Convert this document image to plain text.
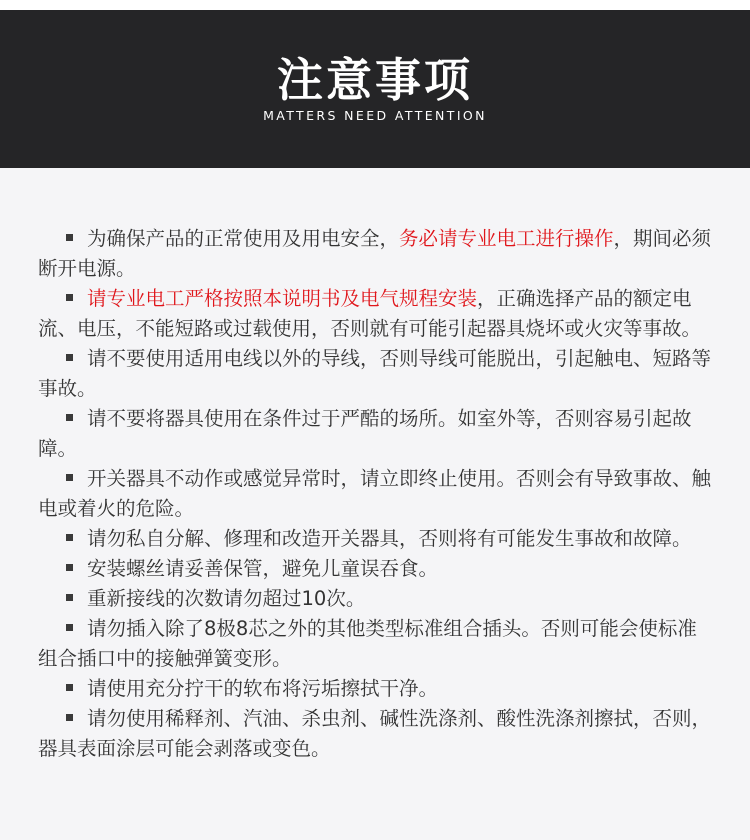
注意事项
MATTERS NEED ATTENTION
为确保产品的正常使用及用电安全，务必请专业电工进行操作，期间必须断开电源。
请专业电工严格按照本说明书及电气规程安装，正确选择产品的额定电流、电压，不能短路或过载使用，否则就有可能引起器具烧坏或火灾等事故。
请不要使用适用电线以外的导线，否则导线可能脱出，引起触电、短路等事故。
请不要将器具使用在条件过于严酷的场所。如室外等，否则容易引起故障。
开关器具不动作或感觉异常时，请立即终止使用。否则会有导致事故、触电或着火的危险。
请勿私自分解、修理和改造开关器具，否则将有可能发生事故和故障。
安装螺丝请妥善保管，避免儿童误吞食。
重新接线的次数请勿超过10次。
请勿插入除了8极8芯之外的其他类型标准组合插头。否则可能会使标准组合插口中的接触弹簧变形。
请使用充分拧干的软布将污垢擦拭干净。
请勿使用稀释剂、汽油、杀虫剂、碱性洗涤剂、酸性洗涤剂擦拭，否则，器具表面涂层可能会剥落或变色。
